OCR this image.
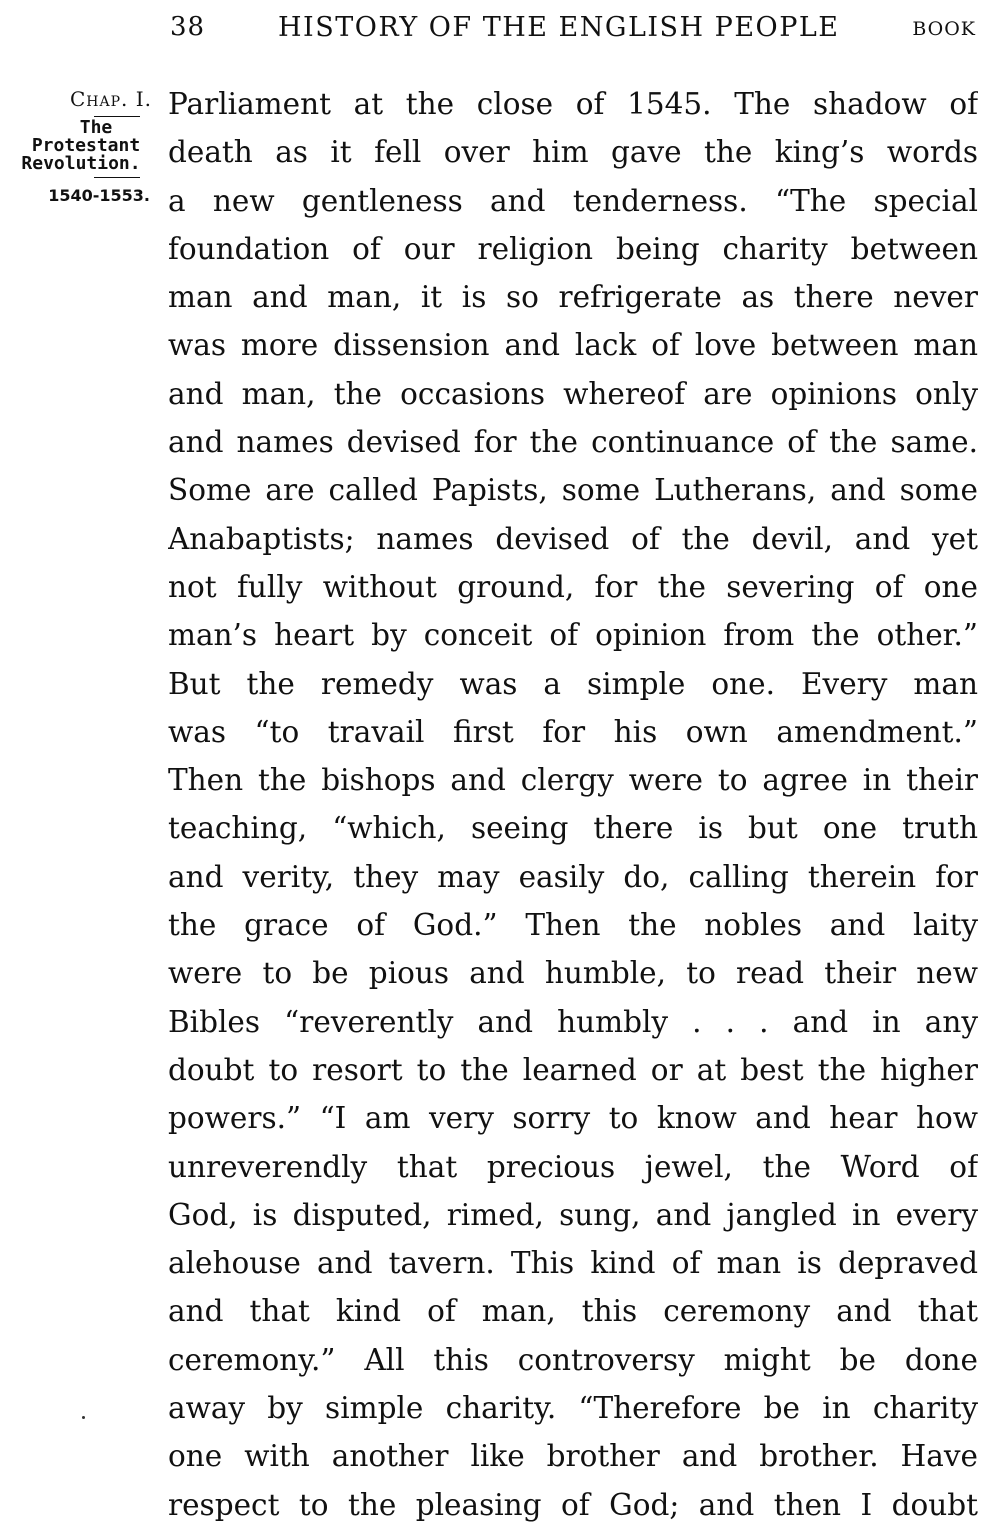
38	HISTORY OF THE ENGLISH PEOPLE	BOOK
Chap. I.
The
Protestant
Revolution.
1540-1553.
Parliament at the close of 1545. The shadow of
death as it fell over him gave the king’s words
a new gentleness and tenderness. “The special
foundation of our religion being charity between
man and man, it is so refrigerate as there never
was more dissension and lack of love between man
and man, the occasions whereof are opinions only
and names devised for the continuance of the same.
Some are called Papists, some Lutherans, and some
Anabaptists; names devised of the devil, and yet
not fully without ground, for the severing of one
man’s heart by conceit of opinion from the other.”
But the remedy was a simple one. Every man
was “to travail first for his own amendment.”
Then the bishops and clergy were to agree in their
teaching, “which, seeing there is but one truth
and verity, they may easily do, calling therein for
the grace of God.” Then the nobles and laity
were to be pious and humble, to read their new
Bibles “reverently and humbly . . . and in any
doubt to resort to the learned or at best the higher
powers.” “I am very sorry to know and hear how
unreverendly that precious jewel, the Word of
God, is disputed, rimed, sung, and jangled in every
alehouse and tavern. This kind of man is depraved
and that kind of man, this ceremony and that
ceremony.” All this controversy might be done
away by simple charity. “Therefore be in charity
one with another like brother and brother. Have
respect to the pleasing of God; and then I doubt
